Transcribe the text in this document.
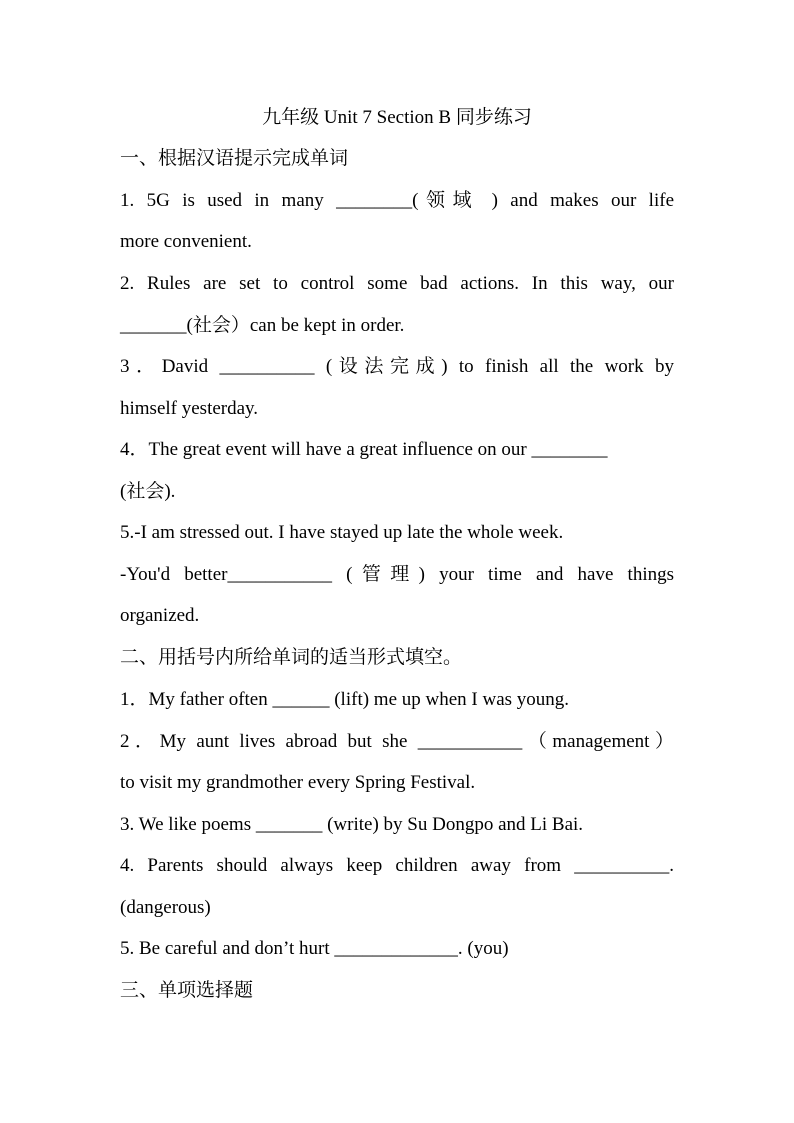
九年级 Unit 7 Section B 同步练习
一、根据汉语提示完成单词
1. 5G is used in many ________(领域 ) and makes our life
more convenient.
2. Rules are set to control some bad actions. In this way, our
_______(社会）can be kept in order.
3．David __________ (设法完成) to finish all the work by
himself yesterday.
4．The great event will have a great influence on our ________
(社会).
5.-I am stressed out. I have stayed up late the whole week.
-You'd better___________ (管理) your time and have things
organized.
二、用括号内所给单词的适当形式填空。
1．My father often ______ (lift) me up when I was young.
2．My aunt lives abroad but she ___________（management）
to visit my grandmother every Spring Festival.
3. We like poems _______ (write) by Su Dongpo and Li Bai.
4. Parents should always keep children away from __________.
(dangerous)
5. Be careful and don’t hurt _____________. (you)
三、单项选择题
